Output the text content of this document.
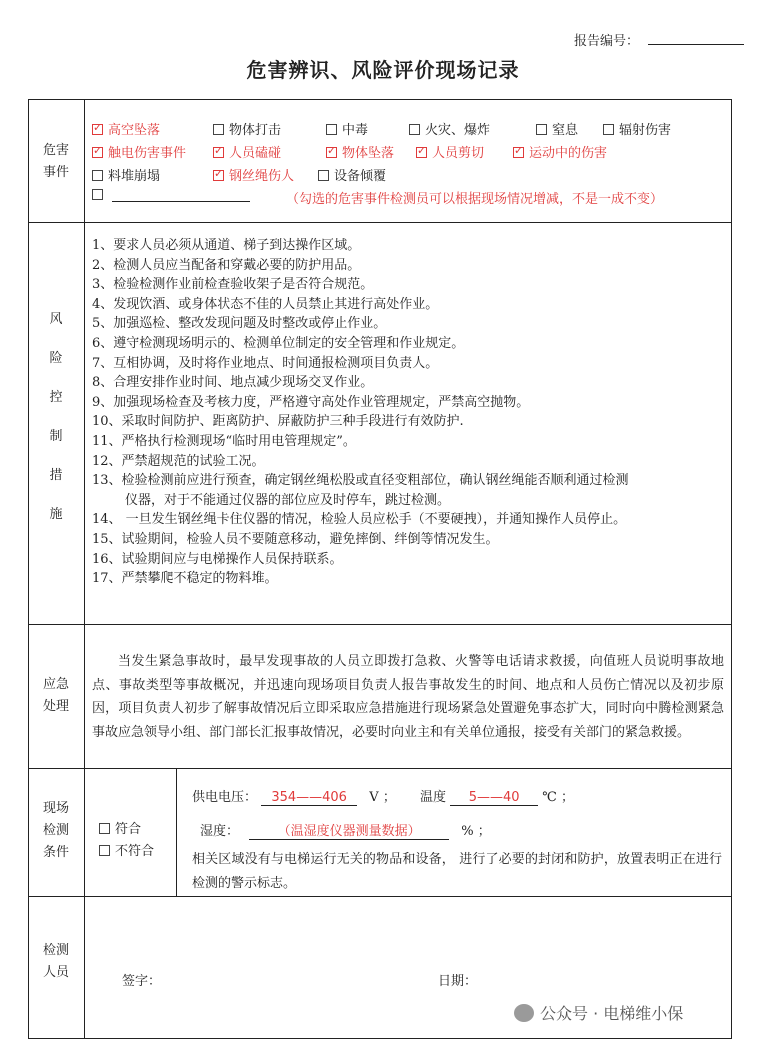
报告编号：
危害辨识、风险评价现场记录
危害事件
✓高空坠落	物体打击	中毒	火灾、爆炸	窒息	辐射伤害
✓触电伤害事件 ✓	人员磕碰 ✓	物体坠落 ✓	人员剪切 ✓	运动中的伤害
料堆崩塌 ✓	钢丝绳伤人	设备倾覆
（勾选的危害事件检测员可以根据现场情况增减，不是一成不变）
风
险
控
制
措
施
1、要求人员必须从通道、梯子到达操作区域。
2、检测人员应当配备和穿戴必要的防护用品。
3、检验检测作业前检查验收架子是否符合规范。
4、发现饮酒、或身体状态不佳的人员禁止其进行高处作业。
5、加强巡检、整改发现问题及时整改或停止作业。
6、遵守检测现场明示的、检测单位制定的安全管理和作业规定。
7、互相协调，及时将作业地点、时间通报检测项目负责人。
8、合理安排作业时间、地点减少现场交叉作业。
9、加强现场检查及考核力度，严格遵守高处作业管理规定，严禁高空抛物。
10、采取时间防护、距离防护、屏蔽防护三种手段进行有效防护.
11、严格执行检测现场“临时用电管理规定”。
12、严禁超规范的试验工况。
13、检验检测前应进行预查，确定钢丝绳松股或直径变粗部位，确认钢丝绳能否顺利通过检测
仪器，对于不能通过仪器的部位应及时停车，跳过检测。
14、 一旦发生钢丝绳卡住仪器的情况，检验人员应松手（不要硬拽），并通知操作人员停止。
15、试验期间，检验人员不要随意移动，避免摔倒、绊倒等情况发生。
16、试验期间应与电梯操作人员保持联系。
17、严禁攀爬不稳定的物料堆。
应急处理
当发生紧急事故时，最早发现事故的人员立即拨打急救、火警等电话请求救援，向值班人员说明事故地点、事故类型等事故概况，并迅速向现场项目负责人报告事故发生的时间、地点和人员伤亡情况以及初步原因，项目负责人初步了解事故情况后立即采取应急措施进行现场紧急处置避免事态扩大，同时向中腾检测紧急事故应急领导小组、部门部长汇报事故情况，必要时向业主和有关单位通报，接受有关部门的紧急救援。
现场检测条件
符合
不符合
供电电压： 354——406 V ； 温度 5——40 ℃ ；
湿度：	（温湿度仪器测量数据）	% ；
相关区域没有与电梯运行无关的物品和设备， 进行了必要的封闭和防护，放置表明正在进行检测的警示标志。
检测人员
签字：	日期：
公众号 · 电梯维小保
